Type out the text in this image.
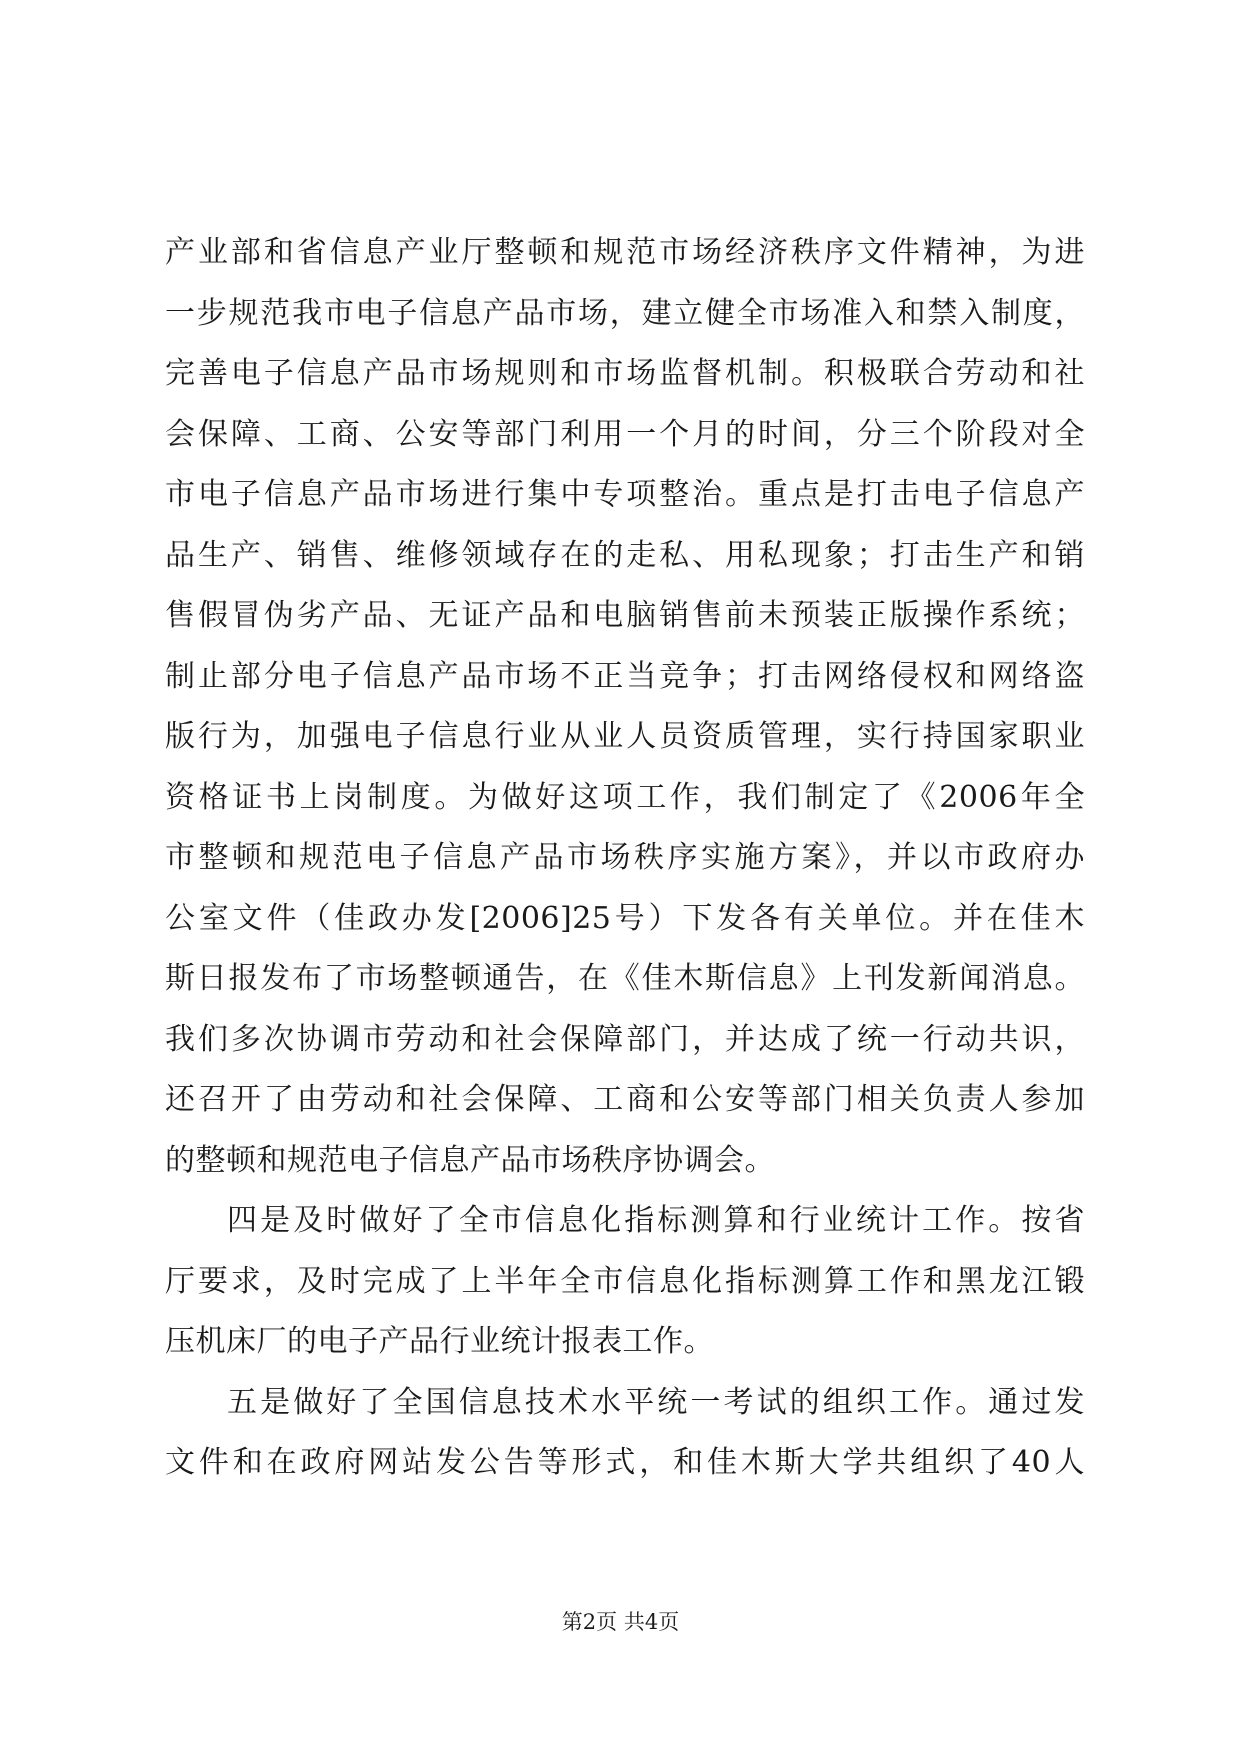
产业部和省信息产业厅整顿和规范市场经济秩序文件精神，为进
一步规范我市电子信息产品市场，建立健全市场准入和禁入制度，
完善电子信息产品市场规则和市场监督机制。积极联合劳动和社
会保障、工商、公安等部门利用一个月的时间，分三个阶段对全
市电子信息产品市场进行集中专项整治。重点是打击电子信息产
品生产、销售、维修领域存在的走私、用私现象；打击生产和销
售假冒伪劣产品、无证产品和电脑销售前未预装正版操作系统；
制止部分电子信息产品市场不正当竞争；打击网络侵权和网络盗
版行为，加强电子信息行业从业人员资质管理，实行持国家职业
资格证书上岗制度。为做好这项工作，我们制定了《2006年全
市整顿和规范电子信息产品市场秩序实施方案》，并以市政府办
公室文件（佳政办发[2006]25号）下发各有关单位。并在佳木
斯日报发布了市场整顿通告，在《佳木斯信息》上刊发新闻消息。
我们多次协调市劳动和社会保障部门，并达成了统一行动共识，
还召开了由劳动和社会保障、工商和公安等部门相关负责人参加
的整顿和规范电子信息产品市场秩序协调会。
四是及时做好了全市信息化指标测算和行业统计工作。按省
厅要求，及时完成了上半年全市信息化指标测算工作和黑龙江锻
压机床厂的电子产品行业统计报表工作。
五是做好了全国信息技术水平统一考试的组织工作。通过发
文件和在政府网站发公告等形式，和佳木斯大学共组织了40人
第2页 共4页
